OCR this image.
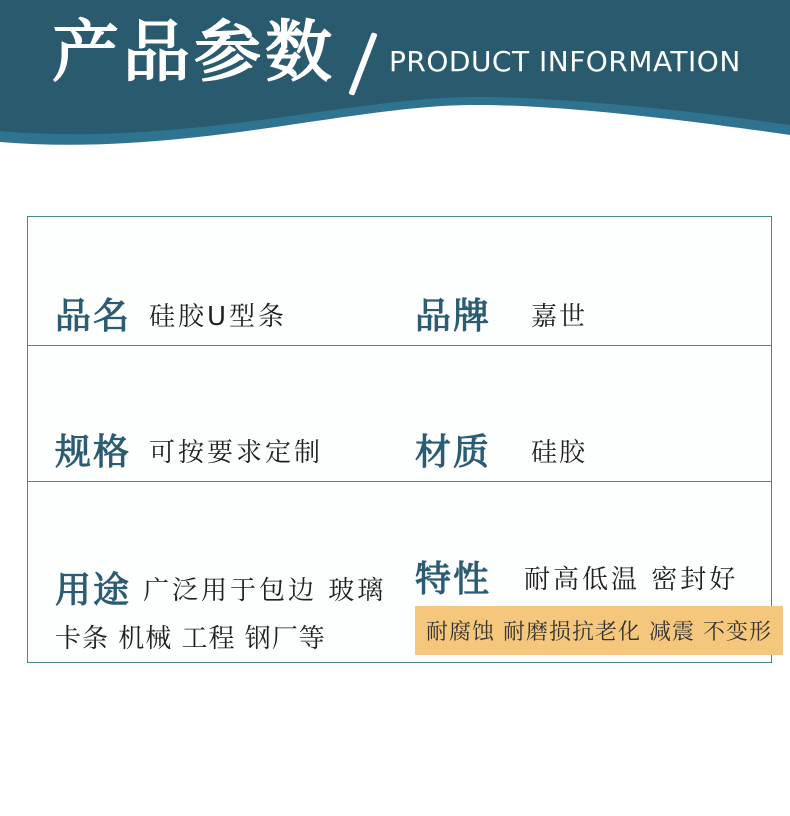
产品参数 PRODUCT INFORMATION
品名 硅胶U型条	品牌 嘉世
规格 可按要求定制	材质 硅胶
用途 广泛用于包边 玻璃
卡条 机械 工程 钢厂等
特性 耐高低温 密封好
耐腐蚀 耐磨损抗老化 减震 不变形
